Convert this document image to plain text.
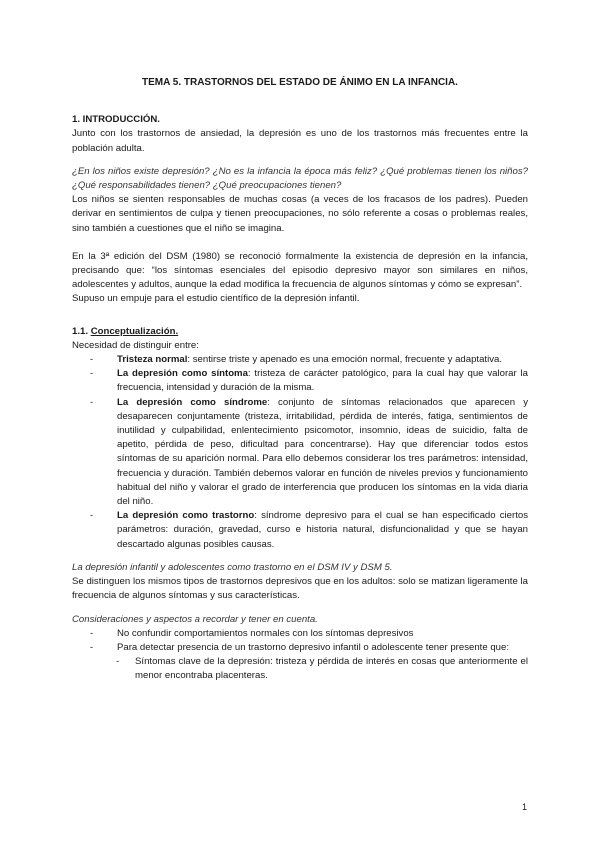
TEMA 5. TRASTORNOS DEL ESTADO DE ÁNIMO EN LA INFANCIA.

1. INTRODUCCIÓN.

Junto con los trastornos de ansiedad, la depresión es uno de los trastornos más frecuentes entre la población adulta.

¿En los niños existe depresión? ¿No es la infancia la época más feliz? ¿Qué problemas tienen los niños? ¿Qué responsabilidades tienen? ¿Qué preocupaciones tienen?

Los niños se sienten responsables de muchas cosas (a veces de los fracasos de los padres). Pueden derivar en sentimientos de culpa y tienen preocupaciones, no sólo referente a cosas o problemas reales, sino también a cuestiones que el niño se imagina.

En la 3ª edición del DSM (1980) se reconoció formalmente la existencia de depresión en la infancia, precisando que: “los síntomas esenciales del episodio depresivo mayor son similares en niños, adolescentes y adultos, aunque la edad modifica la frecuencia de algunos síntomas y cómo se expresan”.

Supuso un empuje para el estudio científico de la depresión infantil.

1.1. Conceptualización.

Necesidad de distinguir entre:

- Tristeza normal: sentirse triste y apenado es una emoción normal, frecuente y adaptativa.
- La depresión como síntoma: tristeza de carácter patológico, para la cual hay que valorar la frecuencia, intensidad y duración de la misma.
- La depresión como síndrome: conjunto de síntomas relacionados que aparecen y desaparecen conjuntamente (tristeza, irritabilidad, pérdida de interés, fatiga, sentimientos de inutilidad y culpabilidad, enlentecimiento psicomotor, insomnio, ideas de suicidio, falta de apetito, pérdida de peso, dificultad para concentrarse). Hay que diferenciar todos estos síntomas de su aparición normal. Para ello debemos considerar los tres parámetros: intensidad, frecuencia y duración. También debemos valorar en función de niveles previos y funcionamiento habitual del niño y valorar el grado de interferencia que producen los síntomas en la vida diaria del niño.
- La depresión como trastorno: síndrome depresivo para el cual se han especificado ciertos parámetros: duración, gravedad, curso e historia natural, disfuncionalidad y que se hayan descartado algunas posibles causas.

La depresión infantil y adolescentes como trastorno en el DSM IV y DSM 5.

Se distinguen los mismos tipos de trastornos depresivos que en los adultos: solo se matizan ligeramente la frecuencia de algunos síntomas y sus características.

Consideraciones y aspectos a recordar y tener en cuenta.

- No confundir comportamientos normales con los síntomas depresivos
- Para detectar presencia de un trastorno depresivo infantil o adolescente tener presente que:
- Síntomas clave de la depresión: tristeza y pérdida de interés en cosas que anteriormente el menor encontraba placenteras.
1
